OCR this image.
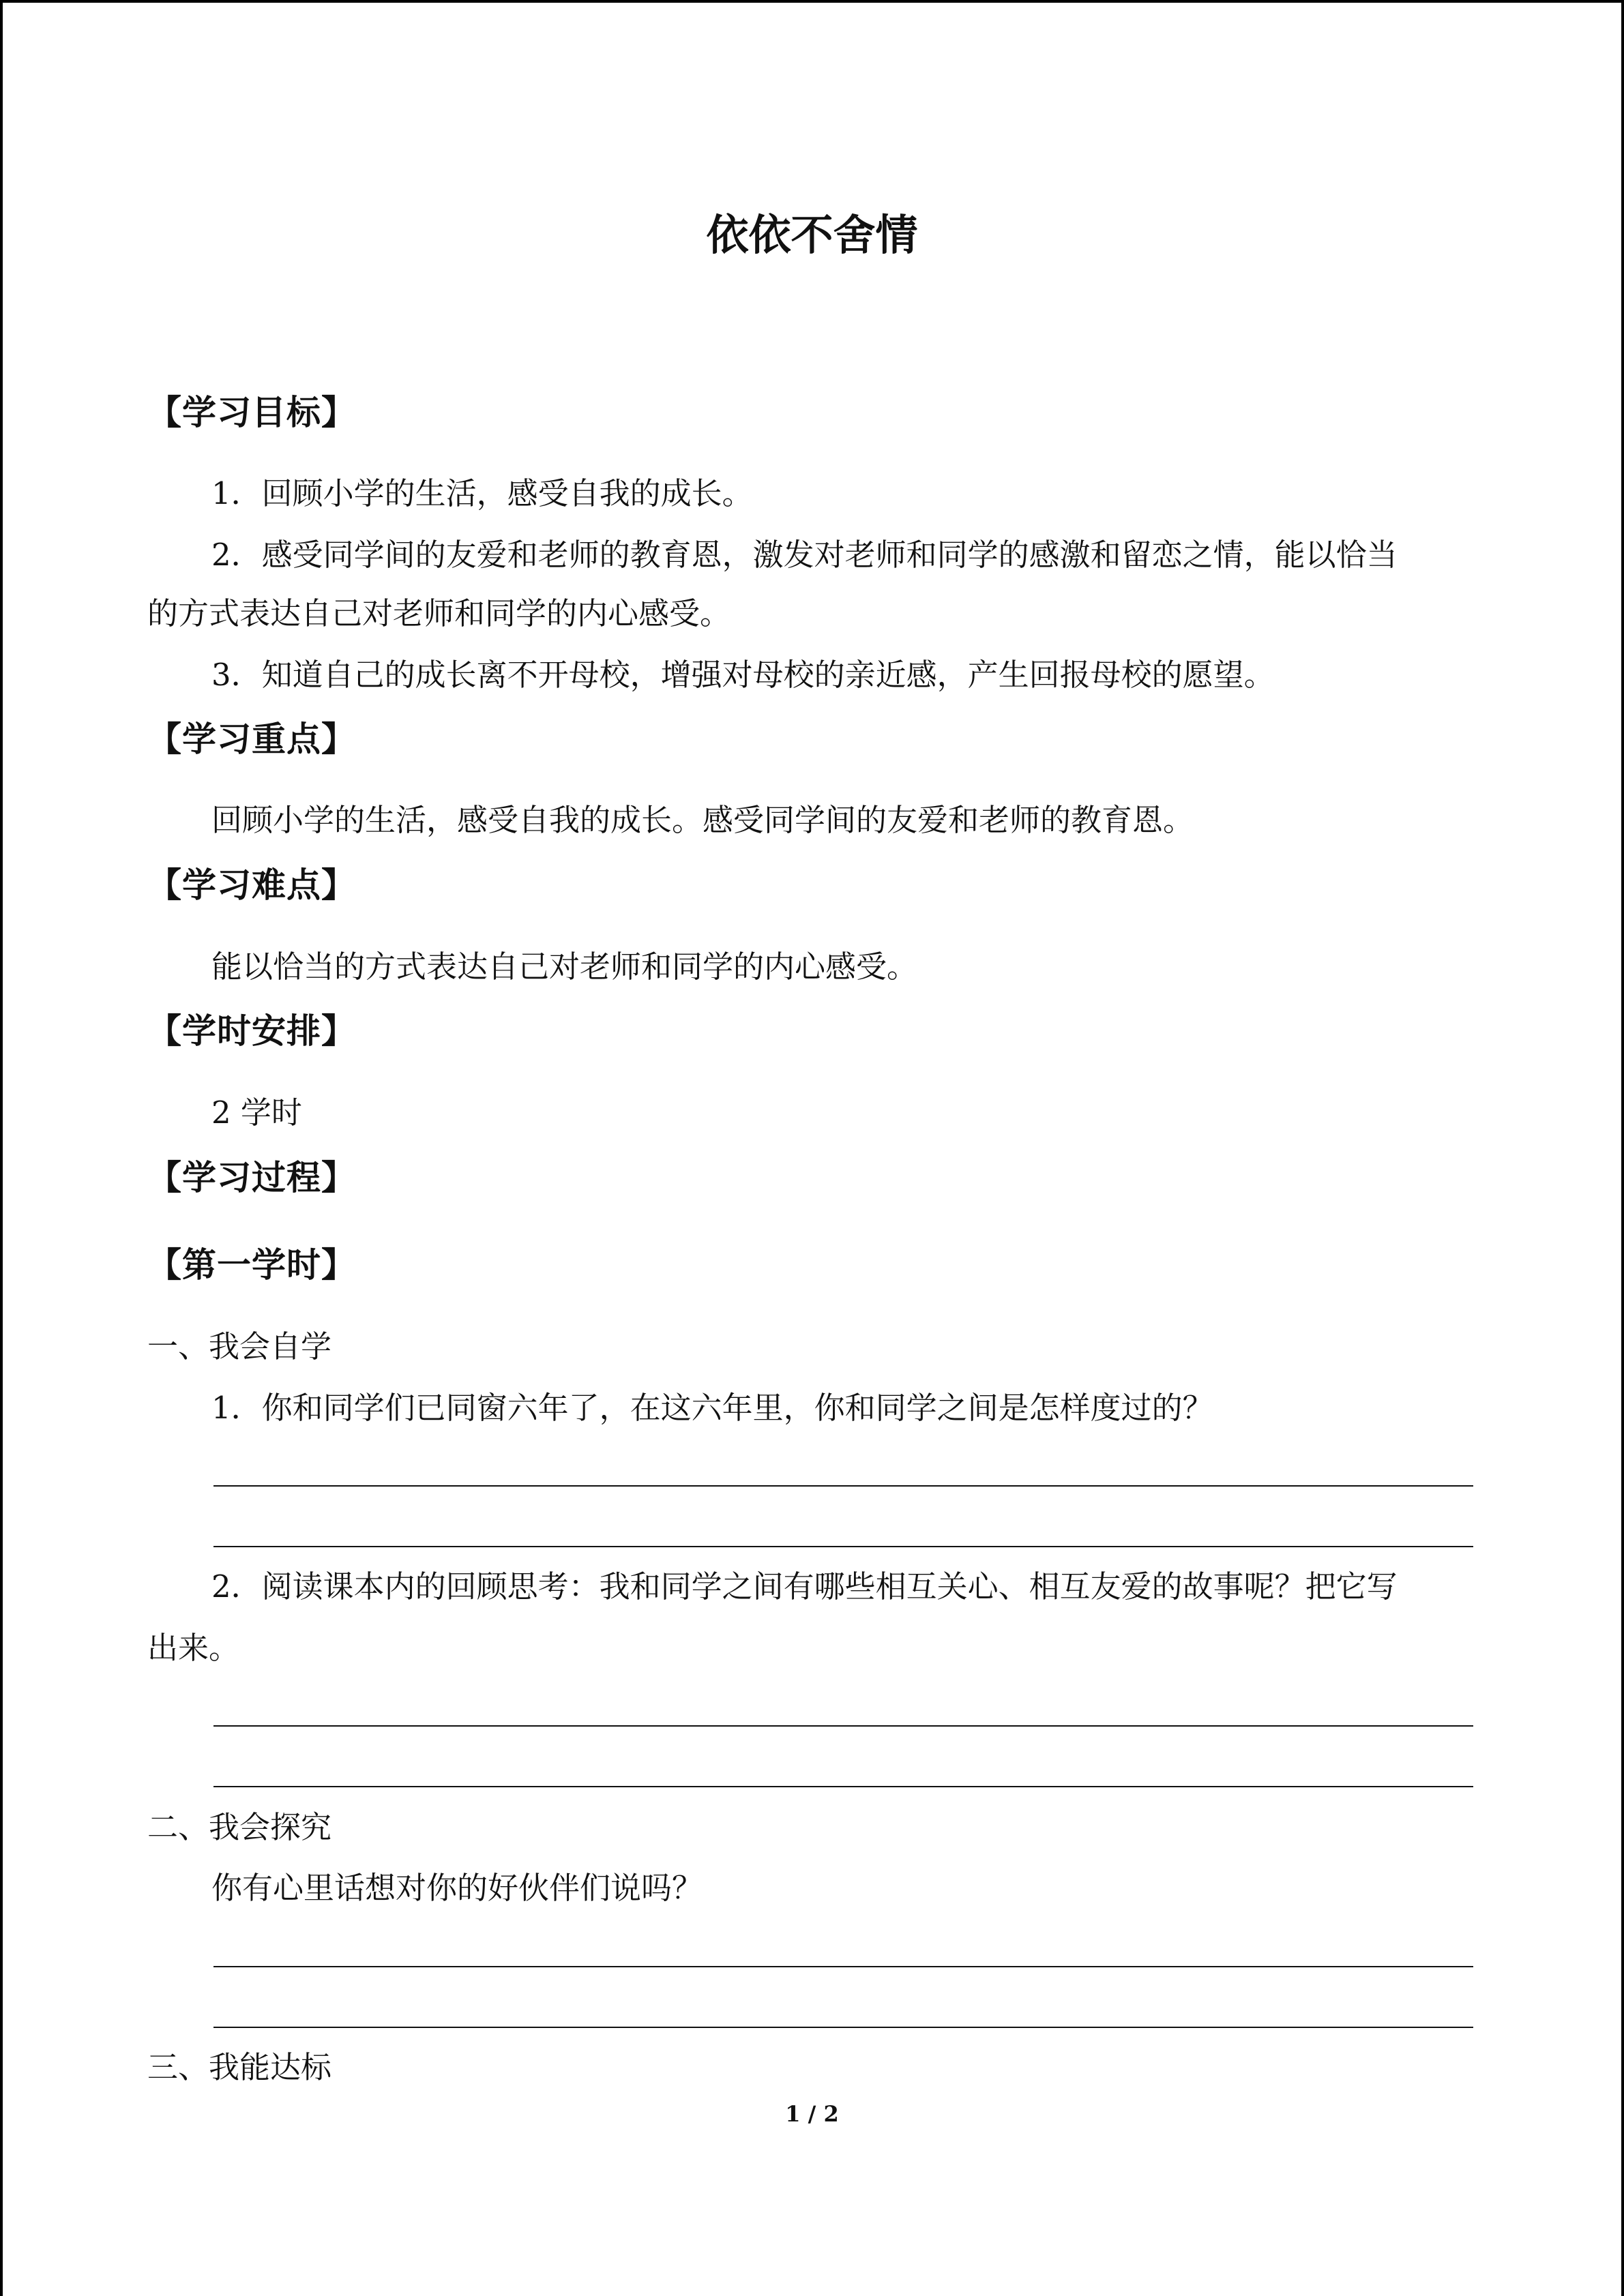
依依不舍情
【学习目标】
1．回顾小学的生活，感受自我的成长。
2．感受同学间的友爱和老师的教育恩，激发对老师和同学的感激和留恋之情，能以恰当
的方式表达自己对老师和同学的内心感受。
3．知道自己的成长离不开母校，增强对母校的亲近感，产生回报母校的愿望。
【学习重点】
回顾小学的生活，感受自我的成长。感受同学间的友爱和老师的教育恩。
【学习难点】
能以恰当的方式表达自己对老师和同学的内心感受。
【学时安排】
2 学时
【学习过程】
【第一学时】
一、我会自学
1．你和同学们已同窗六年了，在这六年里，你和同学之间是怎样度过的？
2．阅读课本内的回顾思考：我和同学之间有哪些相互关心、相互友爱的故事呢？把它写
出来。
二、我会探究
你有心里话想对你的好伙伴们说吗？
三、我能达标
1 / 2
